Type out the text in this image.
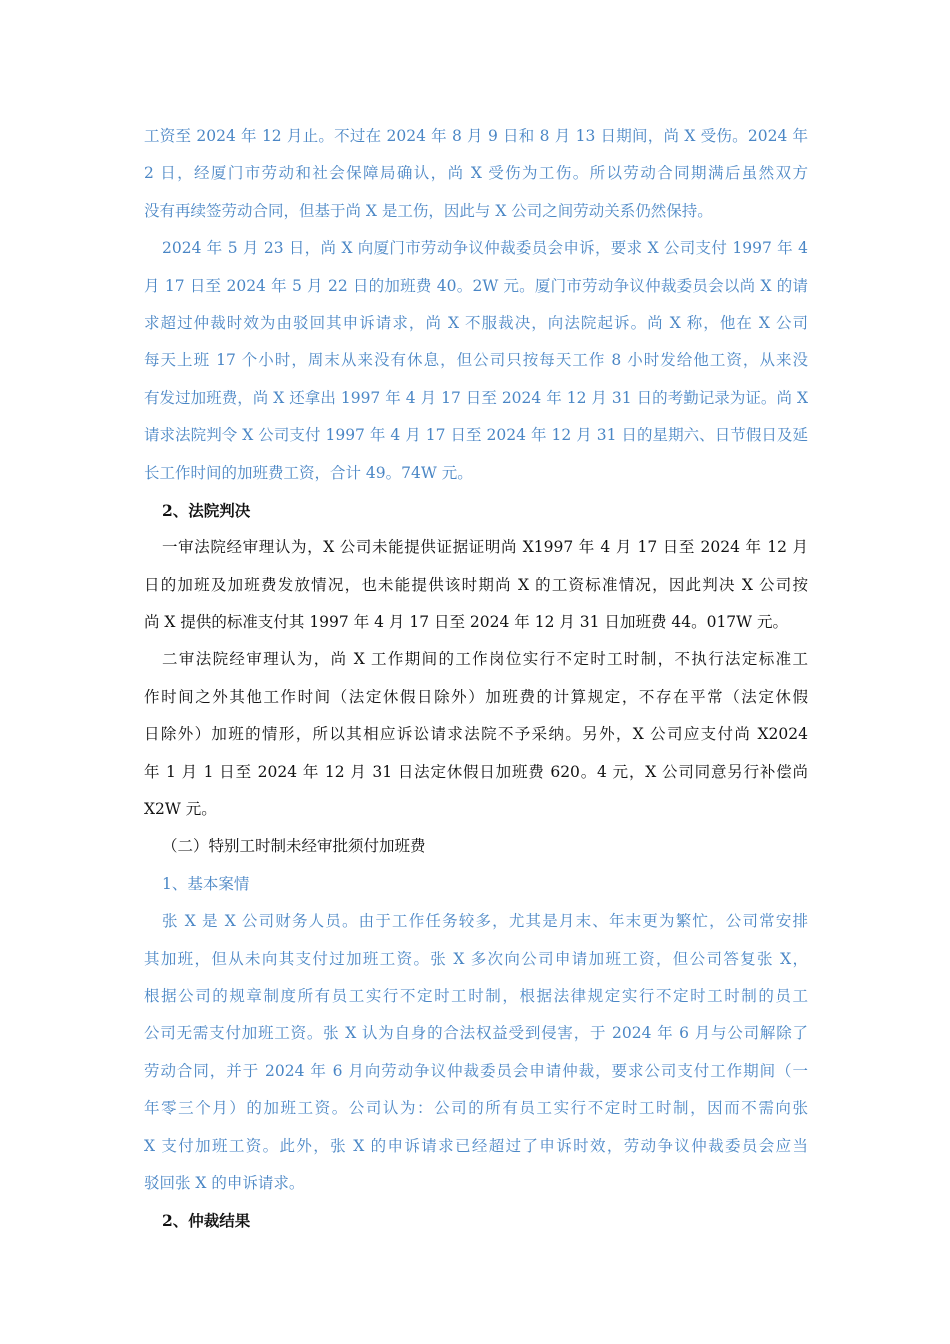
工资至 2024 年 12 月止。不过在 2024 年 8 月 9 日和 8 月 13 日期间，尚 X 受伤。2024 年
2 日，经厦门市劳动和社会保障局确认，尚 X 受伤为工伤。所以劳动合同期满后虽然双方
没有再续签劳动合同，但基于尚 X 是工伤，因此与 X 公司之间劳动关系仍然保持。
2024 年 5 月 23 日，尚 X 向厦门市劳动争议仲裁委员会申诉，要求 X 公司支付 1997 年 4
月 17 日至 2024 年 5 月 22 日的加班费 40。2W 元。厦门市劳动争议仲裁委员会以尚 X 的请
求超过仲裁时效为由驳回其申诉请求，尚 X 不服裁决，向法院起诉。尚 X 称，他在 X 公司
每天上班 17 个小时，周末从来没有休息，但公司只按每天工作 8 小时发给他工资，从来没
有发过加班费，尚 X 还拿出 1997 年 4 月 17 日至 2024 年 12 月 31 日的考勤记录为证。尚 X
请求法院判令 X 公司支付 1997 年 4 月 17 日至 2024 年 12 月 31 日的星期六、日节假日及延
长工作时间的加班费工资，合计 49。74W 元。
2、法院判决
一审法院经审理认为，X 公司未能提供证据证明尚 X1997 年 4 月 17 日至 2024 年 12 月
日的加班及加班费发放情况，也未能提供该时期尚 X 的工资标准情况，因此判决 X 公司按
尚 X 提供的标准支付其 1997 年 4 月 17 日至 2024 年 12 月 31 日加班费 44。017W 元。
二审法院经审理认为，尚 X 工作期间的工作岗位实行不定时工时制，不执行法定标准工
作时间之外其他工作时间（法定休假日除外）加班费的计算规定，不存在平常（法定休假
日除外）加班的情形，所以其相应诉讼请求法院不予采纳。另外，X 公司应支付尚 X2024
年 1 月 1 日至 2024 年 12 月 31 日法定休假日加班费 620。4 元，X 公司同意另行补偿尚
X2W 元。
（二）特别工时制未经审批须付加班费
1、基本案情
张 X 是 X 公司财务人员。由于工作任务较多，尤其是月末、年末更为繁忙，公司常安排
其加班，但从未向其支付过加班工资。张 X 多次向公司申请加班工资，但公司答复张 X，
根据公司的规章制度所有员工实行不定时工时制，根据法律规定实行不定时工时制的员工
公司无需支付加班工资。张 X 认为自身的合法权益受到侵害，于 2024 年 6 月与公司解除了
劳动合同，并于 2024 年 6 月向劳动争议仲裁委员会申请仲裁，要求公司支付工作期间（一
年零三个月）的加班工资。公司认为：公司的所有员工实行不定时工时制，因而不需向张
X 支付加班工资。此外，张 X 的申诉请求已经超过了申诉时效，劳动争议仲裁委员会应当
驳回张 X 的申诉请求。
2、仲裁结果
